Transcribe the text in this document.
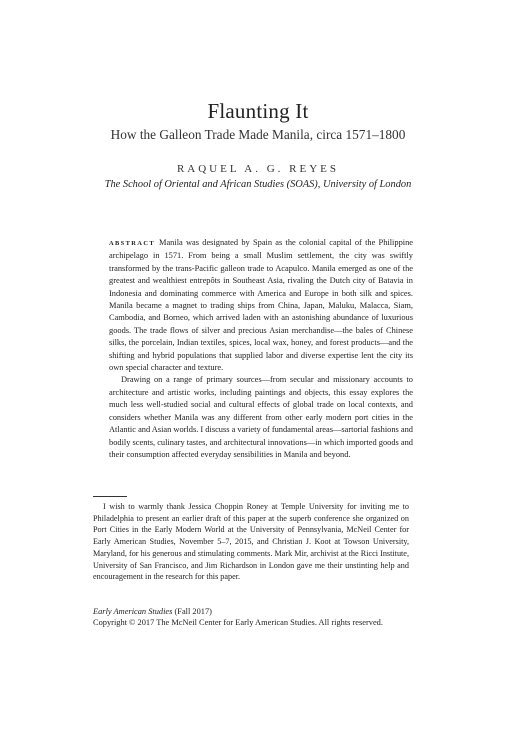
Flaunting It
How the Galleon Trade Made Manila, circa 1571–1800
RAQUEL A. G. REYES
The School of Oriental and African Studies (SOAS), University of London

ABSTRACT Manila was designated by Spain as the colonial capital of the Philippine archipelago in 1571. From being a small Muslim settlement, the city was swiftly transformed by the trans-Pacific galleon trade to Acapulco. Manila emerged as one of the greatest and wealthiest entrepôts in Southeast Asia, rivaling the Dutch city of Batavia in Indonesia and dominating commerce with America and Europe in both silk and spices. Manila became a magnet to trading ships from China, Japan, Maluku, Malacca, Siam, Cambodia, and Borneo, which arrived laden with an astonishing abundance of luxurious goods. The trade flows of silver and precious Asian merchandise—the bales of Chinese silks, the porcelain, Indian textiles, spices, local wax, honey, and forest products—and the shifting and hybrid populations that supplied labor and diverse expertise lent the city its own special character and texture.

Drawing on a range of primary sources—from secular and missionary accounts to architecture and artistic works, including paintings and objects, this essay explores the much less well-studied social and cultural effects of global trade on local contexts, and considers whether Manila was any different from other early modern port cities in the Atlantic and Asian worlds. I discuss a variety of fundamental areas—sartorial fashions and bodily scents, culinary tastes, and architectural innovations—in which imported goods and their consumption affected everyday sensibilities in Manila and beyond.

I wish to warmly thank Jessica Choppin Roney at Temple University for inviting me to Philadelphia to present an earlier draft of this paper at the superb conference she organized on Port Cities in the Early Modern World at the University of Pennsylvania, McNeil Center for Early American Studies, November 5–7, 2015, and Christian J. Koot at Towson University, Maryland, for his generous and stimulating comments. Mark Mir, archivist at the Ricci Institute, University of San Francisco, and Jim Richardson in London gave me their unstinting help and encouragement in the research for this paper.
Early American Studies (Fall 2017)
Copyright © 2017 The McNeil Center for Early American Studies. All rights reserved.
